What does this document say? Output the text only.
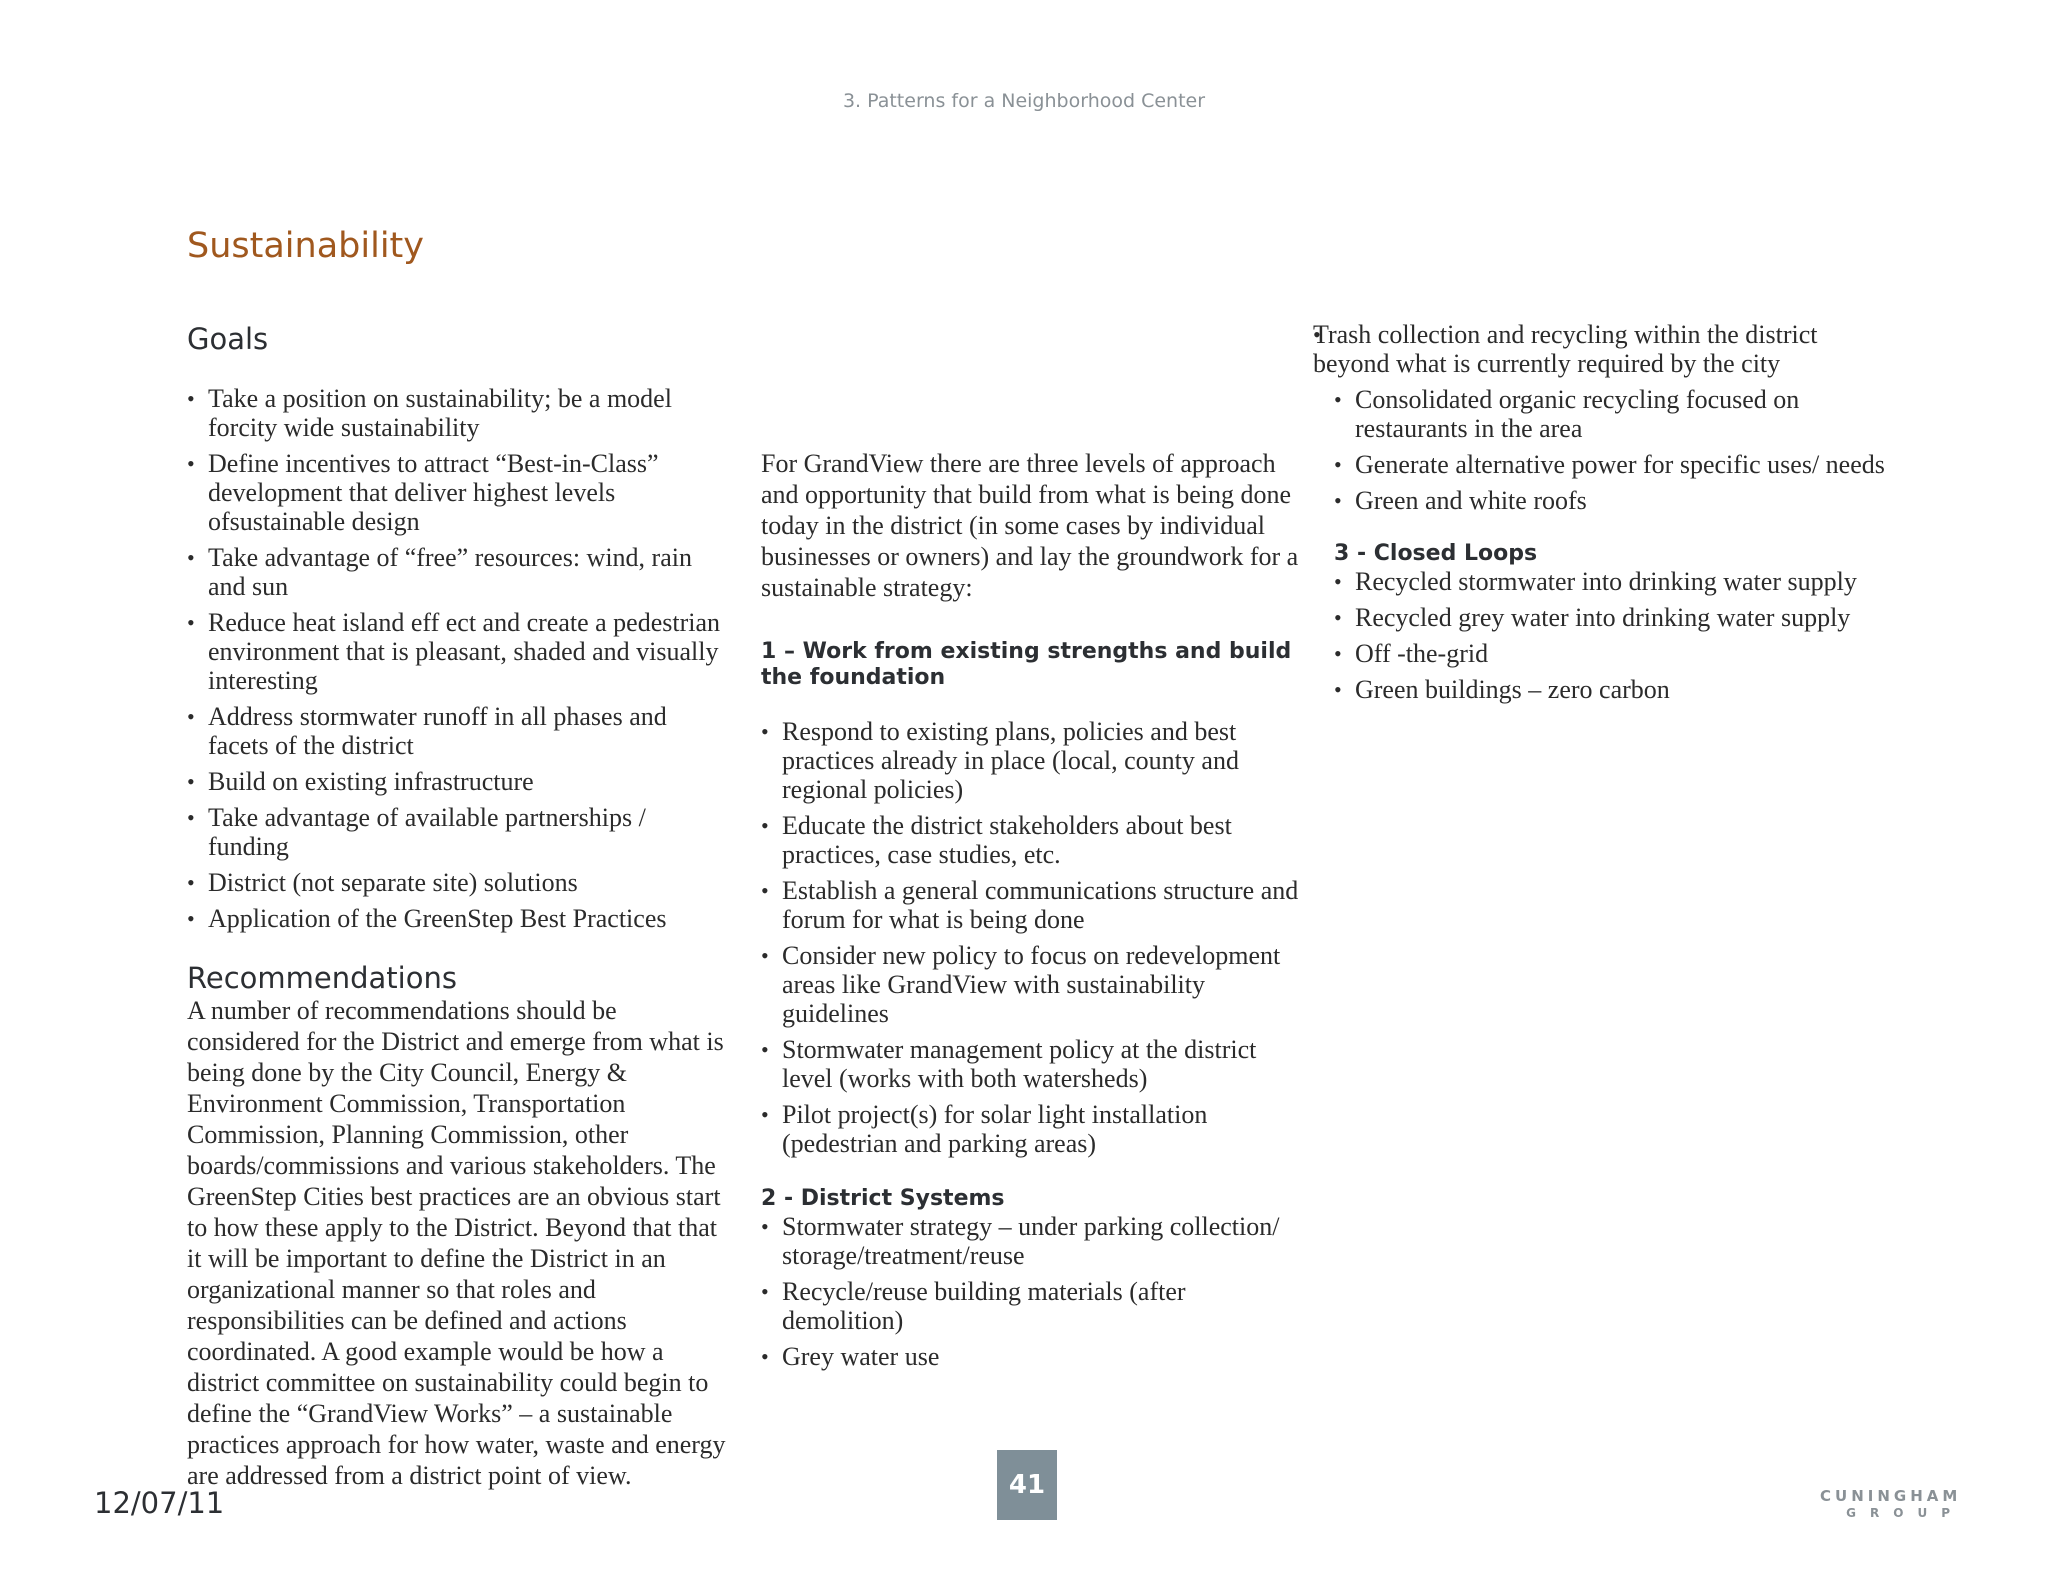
3. Patterns for a Neighborhood Center
Sustainability
Goals
• Take a position on sustainability; be a model forcity wide sustainability
• Define incentives to attract “Best-in-Class” development that deliver highest levels ofsustainable design
• Take advantage of “free” resources: wind, rain and sun
• Reduce heat island eff ect and create a pedestrian environment that is pleasant, shaded and visually interesting
• Address stormwater runoff in all phases and facets of the district
• Build on existing infrastructure
• Take advantage of available partnerships / funding
• District (not separate site) solutions
• Application of the GreenStep Best Practices
Recommendations

A number of recommendations should be considered for the District and emerge from what is being done by the City Council, Energy & Environment Commission, Transportation Commission, Planning Commission, other boards/commissions and various stakeholders. The GreenStep Cities best practices are an obvious start to how these apply to the District. Beyond that that it will be important to define the District in an organizational manner so that roles and responsibilities can be defined and actions coordinated. A good example would be how a district committee on sustainability could begin to define the “GrandView Works” – a sustainable practices approach for how water, waste and energy are addressed from a district point of view.

For GrandView there are three levels of approach and opportunity that build from what is being done today in the district (in some cases by individual businesses or owners) and lay the groundwork for a sustainable strategy:

1 – Work from existing strengths and build the foundation
• Respond to existing plans, policies and best practices already in place (local, county and regional policies)
• Educate the district stakeholders about best practices, case studies, etc.
• Establish a general communications structure and forum for what is being done
• Consider new policy to focus on redevelopment areas like GrandView with sustainability guidelines
• Stormwater management policy at the district level (works with both watersheds)
• Pilot project(s) for solar light installation (pedestrian and parking areas)
2 - District Systems
• Stormwater strategy – under parking collection/ storage/treatment/reuse
• Recycle/reuse building materials (after demolition)
• Grey water use
• Trash collection and recycling within the district beyond what is currently required by the city
• Consolidated organic recycling focused on restaurants in the area
• Generate alternative power for specific uses/ needs
• Green and white roofs
3 - Closed Loops
• Recycled stormwater into drinking water supply
• Recycled grey water into drinking water supply
• Off -the-grid
• Green buildings – zero carbon
12/07/11
41	CUNINGHAM
GROUP
